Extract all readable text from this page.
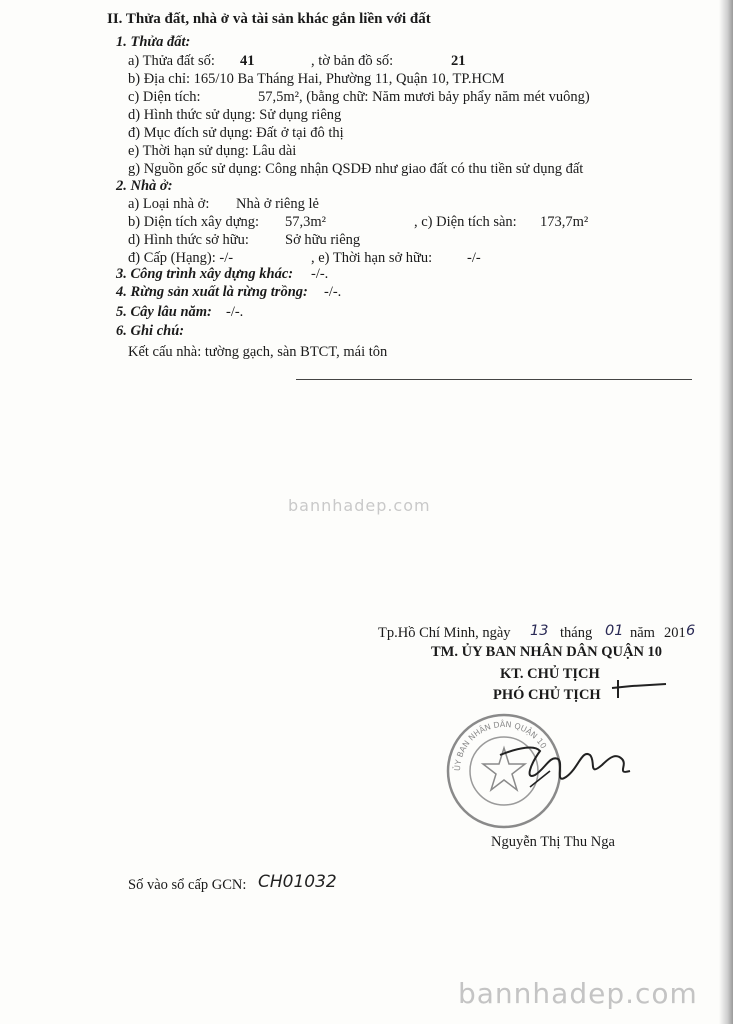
II. Thửa đất, nhà ở và tài sản khác gắn liền với đất
1. Thửa đất:
a) Thửa đất số: 41	, tờ bản đồ số:	21
b) Địa chỉ: 165/10 Ba Tháng Hai, Phường 11, Quận 10, TP.HCM
c) Diện tích:	57,5m², (bằng chữ: Năm mươi bảy phẩy năm mét vuông)
d) Hình thức sử dụng: Sử dụng riêng
đ) Mục đích sử dụng: Đất ở tại đô thị
e) Thời hạn sử dụng: Lâu dài
g) Nguồn gốc sử dụng: Công nhận QSDĐ như giao đất có thu tiền sử dụng đất
2. Nhà ở:
a) Loại nhà ở: Nhà ở riêng lẻ
b) Diện tích xây dựng: 57,3m²	, c) Diện tích sàn: 173,7m²
d) Hình thức sở hữu: Sở hữu riêng
đ) Cấp (Hạng): -/-	, e) Thời hạn sở hữu: -/-
3. Công trình xây dựng khác: -/-.
4. Rừng sản xuất là rừng trồng: -/-.
5. Cây lâu năm: -/-.
6. Ghi chú:
Kết cấu nhà: tường gạch, sàn BTCT, mái tôn
bannhadep.com
Tp.Hồ Chí Minh, ngày 13 tháng 01 năm 201 6
TM. ỦY BAN NHÂN DÂN QUẬN 10
KT. CHỦ TỊCH
PHÓ CHỦ TỊCH
ỦY BAN NHÂN DÂN QUẬN 10
Nguyễn Thị Thu Nga
Số vào sổ cấp GCN: CH01032
bannhadep.com
